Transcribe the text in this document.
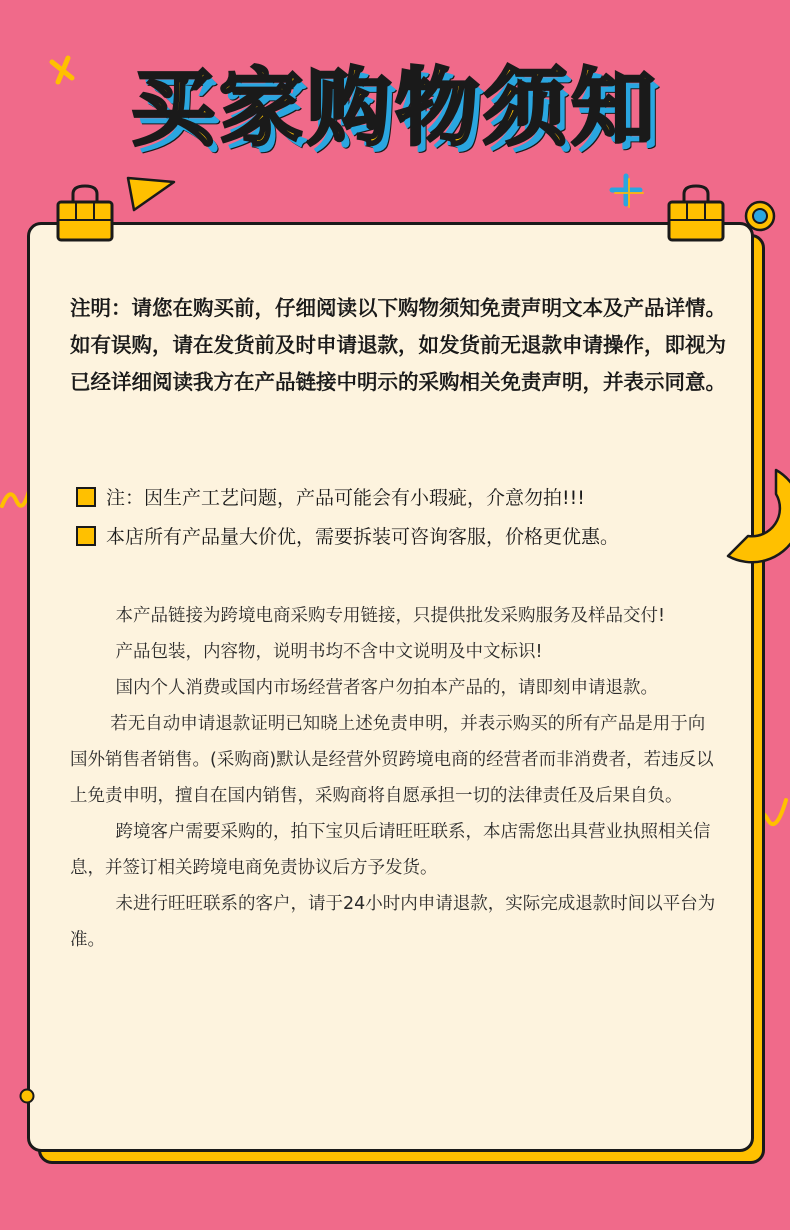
买家购物须知
注明：请您在购买前，仔细阅读以下购物须知免责声明文本及产品详情。如有误购，请在发货前及时申请退款，如发货前无退款申请操作，即视为已经详细阅读我方在产品链接中明示的采购相关免责声明，并表示同意。
注：因生产工艺问题，产品可能会有小瑕疵，介意勿拍!!!
本店所有产品量大价优，需要拆装可咨询客服，价格更优惠。

本产品链接为跨境电商采购专用链接，只提供批发采购服务及样品交付!

产品包装，内容物，说明书均不含中文说明及中文标识!

国内个人消费或国内市场经营者客户勿拍本产品的，请即刻申请退款。

若无自动申请退款证明已知晓上述免责申明，并表示购买的所有产品是用于向国外销售者销售。(采购商)默认是经营外贸跨境电商的经营者而非消费者，若违反以上免责申明，擅自在国内销售，采购商将自愿承担一切的法律责任及后果自负。

跨境客户需要采购的，拍下宝贝后请旺旺联系，本店需您出具营业执照相关信息，并签订相关跨境电商免责协议后方予发货。

未进行旺旺联系的客户，请于24小时内申请退款，实际完成退款时间以平台为准。
